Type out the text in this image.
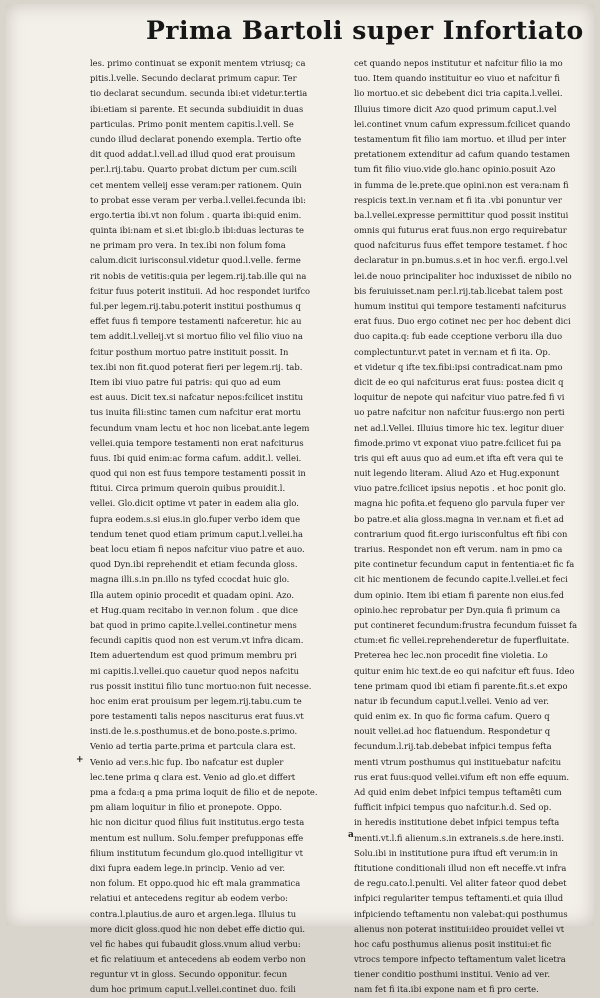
Prima Bartoli super Infortiato
les. primo continuat se exponit mentem vtriusq; ca
pitis.l.velle. Secundo declarat primum capur. Ter
tio declarat secundum. secunda ibi:et videtur.tertia
ibi:etiam si parente. Et secunda subdiuidit in duas
particulas. Primo ponit mentem capitis.l.vell. Se
cundo illud declarat ponendo exempla. Tertio ofte
dit quod addat.l.vell.ad illud quod erat prouisum
per.l.rij.tabu. Quarto probat dictum per cum.scili
cet mentem velleij esse veram:per rationem. Quin
to probat esse veram per verba.l.vellei.fecunda ibi:
ergo.tertia ibi.vt non folum . quarta ibi:quid enim.
quinta ibi:nam et si.et ibi:glo.b ibi:duas lecturas te
ne primam pro vera. In tex.ibi non folum foma
calum.dicit iurisconsul.videtur quod.l.velle. ferme
rit nobis de vetitis:quia per legem.rij.tab.ille qui na
fcitur fuus poterit instituii. Ad hoc respondet iurifco
ful.per legem.rij.tabu.poterit institui posthumus q
effet fuus fi tempore testamenti nafceretur. hic au
tem addit.l.velleij.vt si mortuo filio vel filio viuo na
fcitur posthum mortuo patre instituit possit. In
tex.ibi non fit.quod poterat fieri per legem.rij. tab.
Item ibi viuo patre fui patris: qui quo ad eum
est auus. Dicit tex.si nafcatur nepos:fcilicet institu
tus inuita fili:stinc tamen cum nafcitur erat mortu
fecundum vnam lectu et hoc non licebat.ante legem
vellei.quia tempore testamenti non erat nafciturus
fuus. Ibi quid enim:ac forma cafum. addit.l. vellei.
quod qui non est fuus tempore testamenti possit in
ftitui. Circa primum queroin quibus prouidit.l.
vellei. Glo.dicit optime vt pater in eadem alia glo.
fupra eodem.s.si eius.in glo.fuper verbo idem que
tendum tenet quod etiam primum caput.l.vellei.ha
beat locu etiam fi nepos nafcitur viuo patre et auo.
quod Dyn.ibi reprehendit et etiam fecunda gloss.
magna illi.s.in pn.illo ns tyfed ccocdat huic glo.
Illa autem opinio procedit et quadam opini. Azo.
et Hug.quam recitabo in ver.non folum . que dice
bat quod in primo capite.l.vellei.continetur mens
fecundi capitis quod non est verum.vt infra dicam.
Item aduertendum est quod primum membru pri
mi capitis.l.vellei.quo cauetur quod nepos nafcitu
rus possit institui filio tunc mortuo:non fuit necesse.
hoc enim erat prouisum per legem.rij.tabu.cum te
pore testamenti talis nepos nasciturus erat fuus.vt
insti.de le.s.posthumus.et de bono.poste.s.primo.
Venio ad tertia parte.prima et partcula clara est.
Venio ad ver.s.hic fup. Ibo nafcatur est dupler
lec.tene prima q clara est. Venio ad glo.et differt
pma a fcda:q a pma prima loquit de filio et de nepote.
pm aliam loquitur in filio et pronepote. Oppo.
hic non dicitur quod filius fuit institutus.ergo testa
mentum est nullum. Solu.femper prefupponas effe
filium institutum fecundum glo.quod intelligitur vt
dixi fupra eadem lege.in princip. Venio ad ver.
non folum. Et oppo.quod hic eft mala grammatica
relatiui et antecedens regitur ab eodem verbo:
contra.l.plautius.de auro et argen.lega. Illuius tu
more dicit gloss.quod hic non debet effe dictio qui.
vel fic habes qui fubaudit gloss.vnum aliud verbu:
et fic relatiuum et antecedens ab eodem verbo non
reguntur vt in gloss. Secundo opponitur. fecun
dum hoc primum caput.l.vellei.continet duo. fcili
cet quando nepos institutur et nafcitur filio ia mo
tuo. Item quando instituitur eo viuo et nafcitur fi
lio mortuo.et sic debebent dici tria capita.l.vellei.
Illuius timore dicit Azo quod primum caput.l.vel
lei.continet vnum cafum expressum.fcilicet quando
testamentum fit filio iam mortuo. et illud per inter
pretationem extenditur ad cafum quando testamen
tum fit filio viuo.vide glo.hanc opinio.posuit Azo
in fumma de le.prete.que opini.non est vera:nam fi
respicis text.in ver.nam et fi ita .vbi ponuntur ver
ba.l.vellei.expresse permittitur quod possit institui
omnis qui futurus erat fuus.non ergo requirebatur
quod nafciturus fuus effet tempore testamet. f hoc
declaratur in pn.bumus.s.et in hoc ver.fi. ergo.l.vel
lei.de nouo principaliter hoc induxisset de nibilo no
bis feruiuisset.nam per.l.rij.tab.licebat talem post
humum institui qui tempore testamenti nafciturus
erat fuus. Duo ergo cotinet nec per hoc debent dici
duo capita.q: fub eade cceptione verboru illa duo
complectuntur.vt patet in ver.nam et fi ita. Op.
et videtur q ifte tex.fibi:ipsi contradicat.nam pmo
dicit de eo qui nafciturus erat fuus: postea dicit q
loquitur de nepote qui nafcitur viuo patre.fed fi vi
uo patre nafcitur non nafcitur fuus:ergo non perti
net ad.l.Vellei. Illuius timore hic tex. legitur diuer
fimode.primo vt exponat viuo patre.fcilicet fui pa
tris qui eft auus quo ad eum.et ifta eft vera qui te
nuit legendo literam. Aliud Azo et Hug.exponunt
viuo patre.fcilicet ipsius nepotis . et hoc ponit glo.
magna hic pofita.et fequeno glo parvula fuper ver
bo patre.et alia gloss.magna in ver.nam et fi.et ad
contrarium quod fit.ergo iurisconfultus eft fibi con
trarius. Respondet non eft verum. nam in pmo ca
pite continetur fecundum caput in fententia:et fic fa
cit hic mentionem de fecundo capite.l.vellei.et feci
dum opinio. Item ibi etiam fi parente non eius.fed
opinio.hec reprobatur per Dyn.quia fi primum ca
put contineret fecundum:frustra fecundum fuisset fa
ctum:et fic vellei.reprehenderetur de fuperfluitate.
Preterea hec lec.non procedit fine violetia. Lo
quitur enim hic text.de eo qui nafcitur eft fuus. Ideo
tene primam quod ibi etiam fi parente.fit.s.et expo
natur ib fecundum caput.l.vellei. Venio ad ver.
quid enim ex. In quo fic forma cafum. Quero q
nouit vellei.ad hoc flatuendum. Respondetur q
fecundum.l.rij.tab.debebat infpici tempus fefta
menti vtrum posthumus qui instituebatur nafcitu
rus erat fuus:quod vellei.vifum eft non effe equum.
Ad quid enim debet infpici tempus teftamêti cum
fufficit infpici tempus quo nafcitur.h.d. Sed op.
in heredis institutione debet infpici tempus tefta
menti.vt.l.fi alienum.s.in extraneis.s.de here.insti.
Solu.ibi in institutione pura iftud eft verum:in in
ftitutione conditionali illud non eft neceffe.vt infra
de regu.cato.l.penulti. Vel aliter fateor quod debet
infpici regulariter tempus teftamenti.et quia illud
infpiciendo teftamentu non valebat:qui posthumus
alienus non poterat institui:ideo prouidet vellei vt
hoc cafu posthumus alienus posit institui:et fic
vtrocs tempore infpecto teftamentum valet licetra
tiener conditio posthumi institui. Venio ad ver.
nam fet fi ita.ibi expone nam et fi pro certe.
+
a
